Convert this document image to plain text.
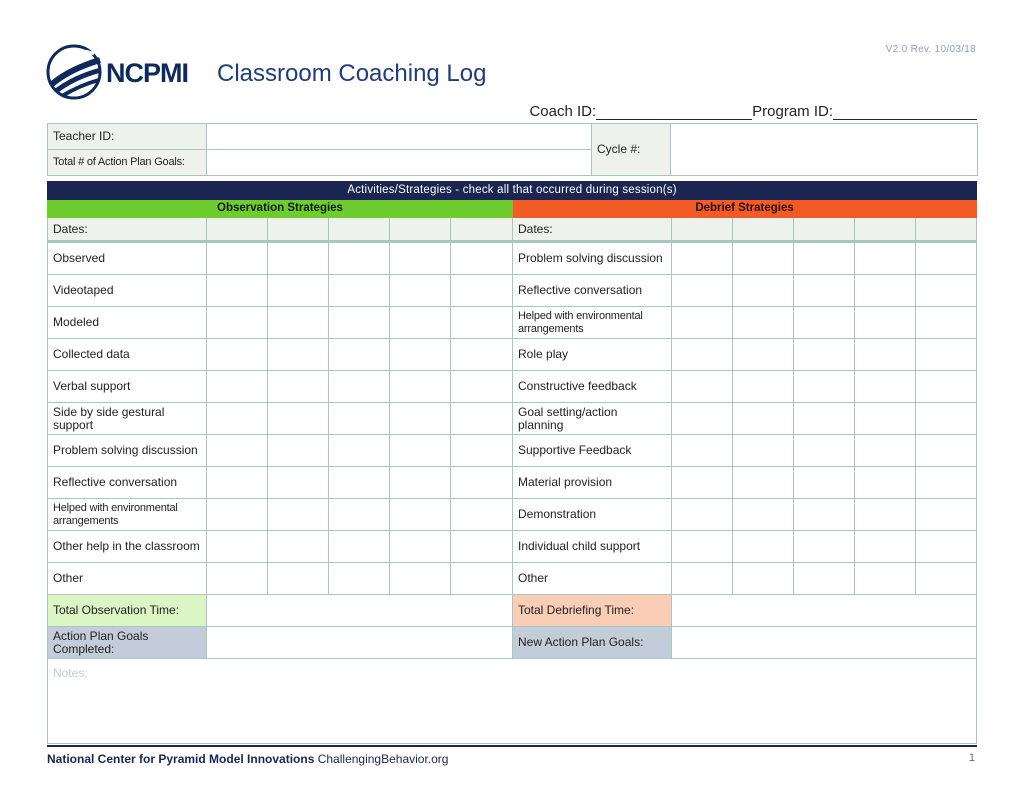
V2.0 Rev. 10/03/18
NCPMI Classroom Coaching Log
Coach ID:	Program ID:
Teacher ID:		Cycle #:	
Total # of Action Plan Goals:			
Activities/Strategies - check all that occurred during session(s)											
Observation Strategies						Debrief Strategies					
Dates:						Dates:					
Observed						Problem solving discussion					
Videotaped						Reflective conversation					
Modeled						Helped with environmental arrangements					
Collected data						Role play					
Verbal support						Constructive feedback					
Side by side gestural support						Goal setting/action planning					
Problem solving discussion						Supportive Feedback					
Reflective conversation						Material provision					
Helped with environmental arrangements						Demonstration					
Other help in the classroom						Individual child support					
Other						Other					
Total Observation Time:						Total Debriefing Time:					
Action Plan Goals Completed:						New Action Plan Goals:					
Notes:											
National Center for Pyramid Model Innovations ChallengingBehavior.org	1
